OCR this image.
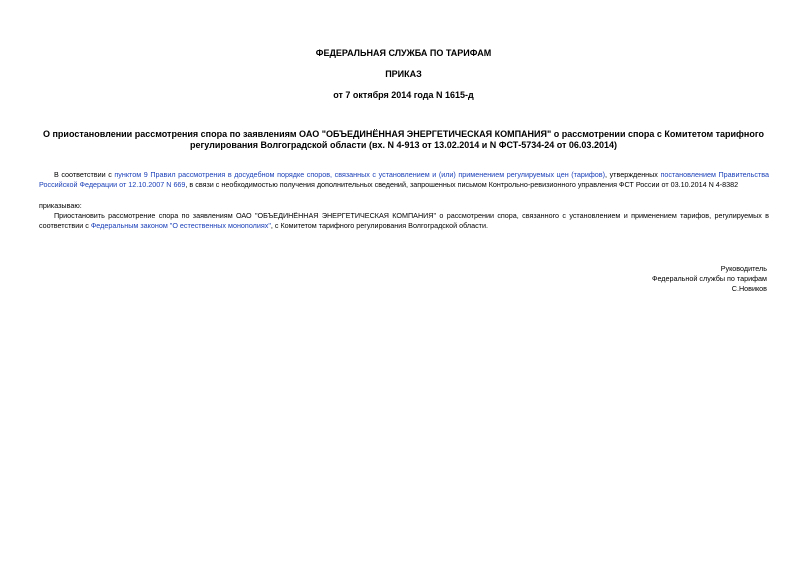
ФЕДЕРАЛЬНАЯ СЛУЖБА ПО ТАРИФАМ
ПРИКАЗ
от 7 октября 2014 года N 1615-д
О приостановлении рассмотрения спора по заявлениям ОАО "ОБЪЕДИНЁННАЯ ЭНЕРГЕТИЧЕСКАЯ КОМПАНИЯ" о рассмотрении спора с Комитетом тарифного
регулирования Волгоградской области (вх. N 4-913 от 13.02.2014 и N ФСТ-5734-24 от 06.03.2014)
В соответствии с пунктом 9 Правил рассмотрения в досудебном порядке споров, связанных с установлением и (или) применением регулируемых цен (тарифов), утвержденных постановлением Правительства Российской Федерации от 12.10.2007 N 669, в связи с необходимостью получения дополнительных сведений, запрошенных письмом Контрольно-ревизионного управления ФСТ России от 03.10.2014 N 4-8382
приказываю:
Приостановить рассмотрение спора по заявлениям ОАО "ОБЪЕДИНЁННАЯ ЭНЕРГЕТИЧЕСКАЯ КОМПАНИЯ" о рассмотрении спора, связанного с установлением и применением тарифов, регулируемых в соответствии с Федеральным законом "О естественных монополиях", с Комитетом тарифного регулирования Волгоградской области.
Руководитель
Федеральной службы по тарифам
С.Новиков
